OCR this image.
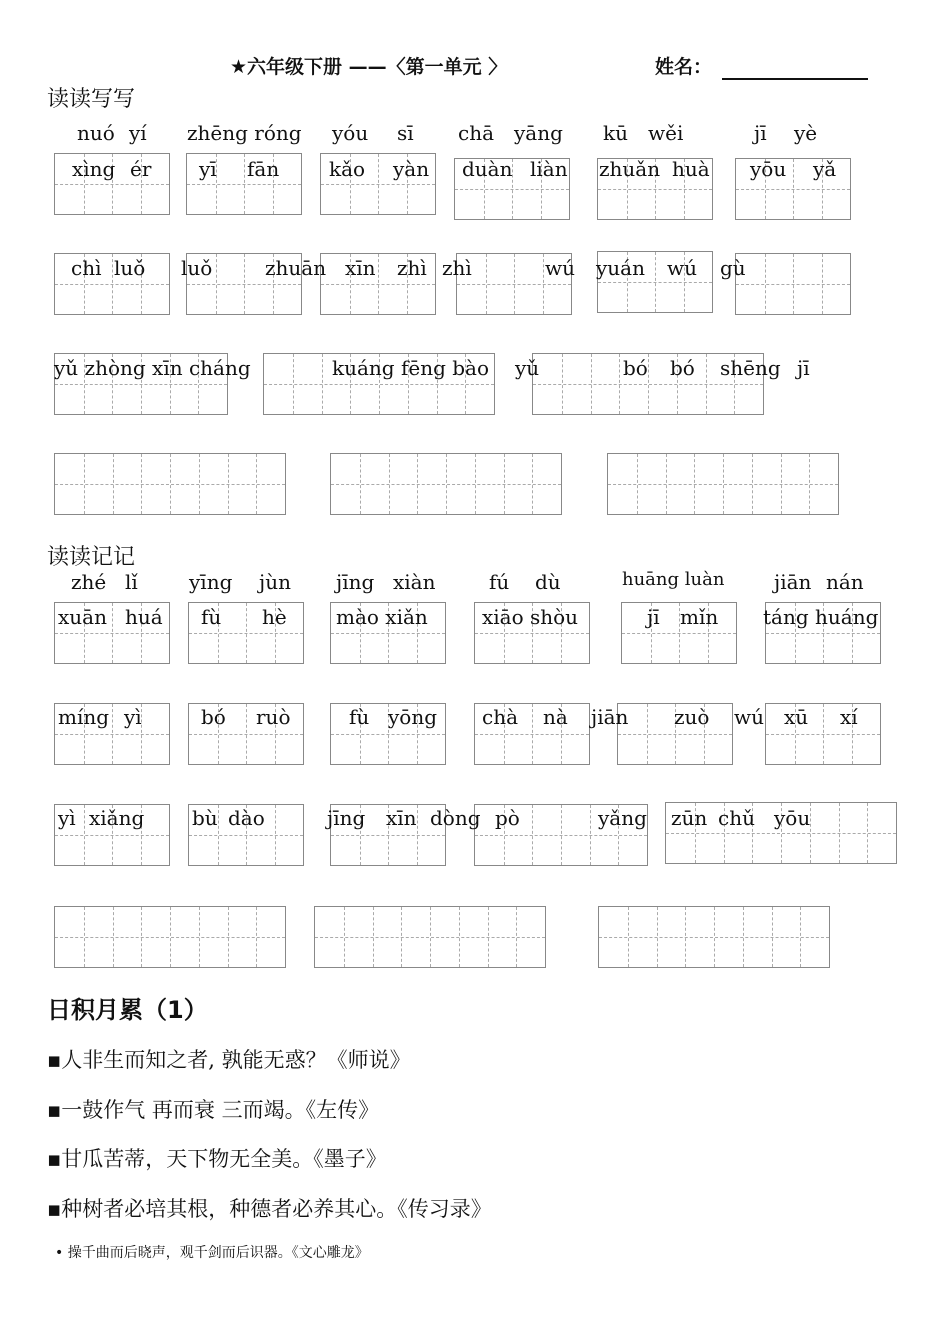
★六年级下册 ——〈第一单元 〉	姓名：
读读写写
读读记记
nuó yí zhēng róng yóu sī chā yāng kū wěi	jī yè
xìng ér yī fān kǎo yàn duàn liàn zhuǎn huà yōu yǎ
chì luǒ luǒ	zhuān xīn zhì zhì	wú yuán wú gù
yǔ zhòng xīn cháng	kuáng fēng bào yǔ	bó bó shēng jī
zhé lǐ	yīng jùn jīng xiàn	fú dù	huāng luàn jiān nán
xuān huá fù hè mào xiǎn	xiāo shòu	jī mǐn táng huáng
míng yì	bó ruò	fù yōng chà nà jiān zuò wú xū xí
yì xiǎng bù dào	jīng xīn dòng pò	yǎng zūn chǔ yōu
日积月累（1）
▪人非生而知之者, 孰能无惑？《师说》
▪一鼓作气 再而衰 三而竭。《左传》
▪甘瓜苦蒂，天下物无全美。《墨子》
▪种树者必培其根，种德者必养其心。《传习录》
• 操千曲而后晓声，观千剑而后识器。《文心雕龙》
